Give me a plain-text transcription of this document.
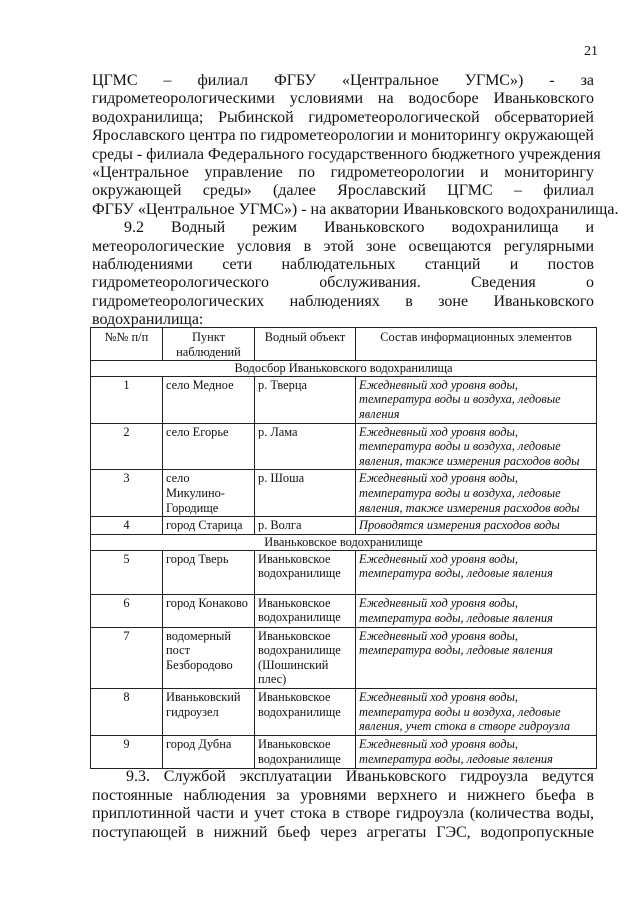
21
ЦГМС – филиал ФГБУ «Центральное УГМС») - за
гидрометеорологическими условиями на водосборе Иваньковского
водохранилища; Рыбинской гидрометеорологической обсерваторией
Ярославского центра по гидрометеорологии и мониторингу окружающей
среды - филиала Федерального государственного бюджетного учреждения
«Центральное управление по гидрометеорологии и мониторингу
окружающей среды» (далее Ярославский ЦГМС – филиал
ФГБУ «Центральное УГМС») - на акватории Иваньковского водохранилища.
9.2 Водный режим Иваньковского водохранилища и
метеорологические условия в этой зоне освещаются регулярными
наблюдениями сети наблюдательных станций и постов
гидрометеорологического обслуживания. Сведения о
гидрометеорологических наблюдениях в зоне Иваньковского
водохранилища:
№№ п/п	Пункт наблюдений	Водный объект	Состав информационных элементов
Водосбор Иваньковского водохранилища			
1	село Медное	р. Тверца	Ежедневный ход уровня воды, температура воды и воздуха, ледовые явления
2	село Егорье	р. Лама	Ежедневный ход уровня воды, температура воды и воздуха, ледовые явления, также измерения расходов воды
3	село Микулино-Городище	р. Шоша	Ежедневный ход уровня воды, температура воды и воздуха, ледовые явления, также измерения расходов воды
4	город Старица	р. Волга	Проводятся измерения расходов воды
Иваньковское водохранилище			
5	город Тверь	Иваньковское водохранилище	Ежедневный ход уровня воды, температура воды, ледовые явления
6	город Конаково	Иваньковское водохранилище	Ежедневный ход уровня воды, температура воды, ледовые явления
7	водомерный пост Безбородово	Иваньковское водохранилище (Шошинский плес)	Ежедневный ход уровня воды, температура воды, ледовые явления
8	Иваньковский гидроузел	Иваньковское водохранилище	Ежедневный ход уровня воды, температура воды и воздуха, ледовые явления, учет стока в створе гидроузла
9	город Дубна	Иваньковское водохранилище	Ежедневный ход уровня воды, температура воды, ледовые явления
9.3. Службой эксплуатации Иваньковского гидроузла ведутся
постоянные наблюдения за уровнями верхнего и нижнего бьефа в
приплотинной части и учет стока в створе гидроузла (количества воды,
поступающей в нижний бьеф через агрегаты ГЭС, водопропускные
